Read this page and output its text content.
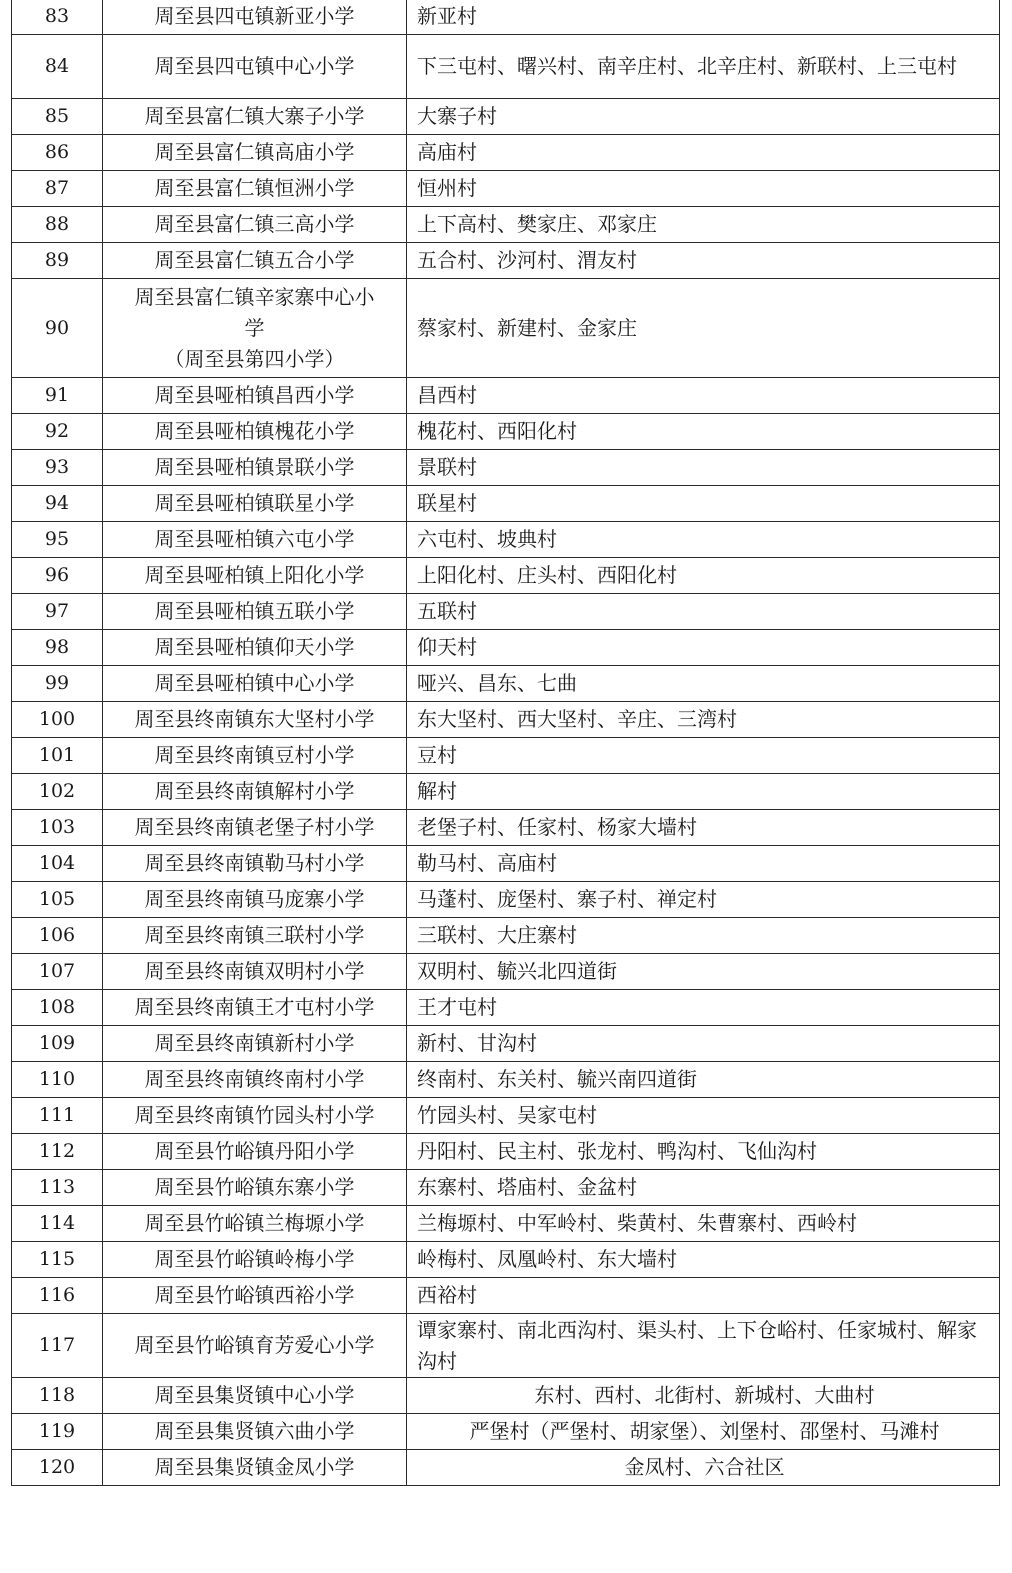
83	周至县四屯镇新亚小学	新亚村
84	周至县四屯镇中心小学	下三屯村、曙兴村、南辛庄村、北辛庄村、新联村、上三屯村
85	周至县富仁镇大寨子小学	大寨子村
86	周至县富仁镇高庙小学	高庙村
87	周至县富仁镇恒洲小学	恒州村
88	周至县富仁镇三高小学	上下高村、樊家庄、邓家庄
89	周至县富仁镇五合小学	五合村、沙河村、渭友村
90	周至县富仁镇辛家寨中心小
学
（周至县第四小学）	蔡家村、新建村、金家庄
91	周至县哑柏镇昌西小学	昌西村
92	周至县哑柏镇槐花小学	槐花村、西阳化村
93	周至县哑柏镇景联小学	景联村
94	周至县哑柏镇联星小学	联星村
95	周至县哑柏镇六屯小学	六屯村、坡典村
96	周至县哑柏镇上阳化小学	上阳化村、庄头村、西阳化村
97	周至县哑柏镇五联小学	五联村
98	周至县哑柏镇仰天小学	仰天村
99	周至县哑柏镇中心小学	哑兴、昌东、七曲
100	周至县终南镇东大坚村小学	东大坚村、西大坚村、辛庄、三湾村
101	周至县终南镇豆村小学	豆村
102	周至县终南镇解村小学	解村
103	周至县终南镇老堡子村小学	老堡子村、任家村、杨家大墙村
104	周至县终南镇勒马村小学	勒马村、高庙村
105	周至县终南镇马庞寨小学	马蓬村、庞堡村、寨子村、禅定村
106	周至县终南镇三联村小学	三联村、大庄寨村
107	周至县终南镇双明村小学	双明村、毓兴北四道街
108	周至县终南镇王才屯村小学	王才屯村
109	周至县终南镇新村小学	新村、甘沟村
110	周至县终南镇终南村小学	终南村、东关村、毓兴南四道街
111	周至县终南镇竹园头村小学	竹园头村、吴家屯村
112	周至县竹峪镇丹阳小学	丹阳村、民主村、张龙村、鸭沟村、飞仙沟村
113	周至县竹峪镇东寨小学	东寨村、塔庙村、金盆村
114	周至县竹峪镇兰梅塬小学	兰梅塬村、中军岭村、柴黄村、朱曹寨村、西岭村
115	周至县竹峪镇岭梅小学	岭梅村、凤凰岭村、东大墙村
116	周至县竹峪镇西裕小学	西裕村
117	周至县竹峪镇育芳爱心小学	谭家寨村、南北西沟村、渠头村、上下仓峪村、任家城村、解家沟村
118	周至县集贤镇中心小学	东村、西村、北街村、新城村、大曲村
119	周至县集贤镇六曲小学	严堡村（严堡村、胡家堡）、刘堡村、邵堡村、马滩村
120	周至县集贤镇金凤小学	金凤村、六合社区
